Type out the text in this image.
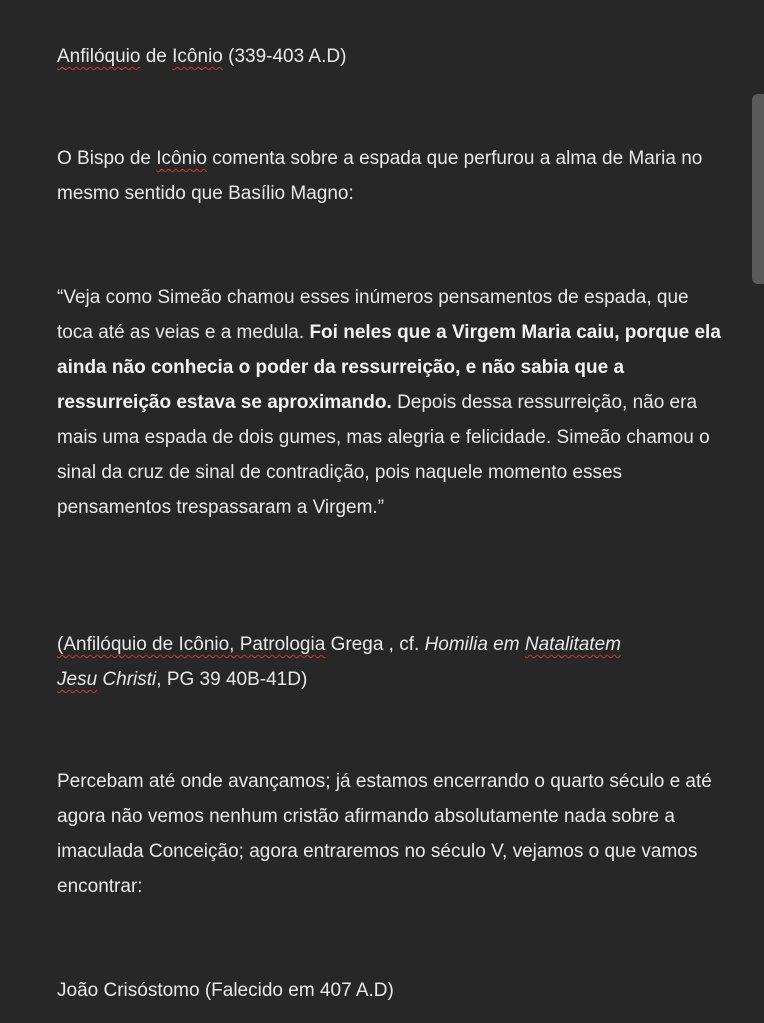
Anfilóquio de Icônio (339-403 A.D)

O Bispo de Icônio comenta sobre a espada que perfurou a alma de Maria no mesmo sentido que Basílio Magno:

“Veja como Simeão chamou esses inúmeros pensamentos de espada, que toca até as veias e a medula. Foi neles que a Virgem Maria caiu, porque ela ainda não conhecia o poder da ressurreição, e não sabia que a ressurreição estava se aproximando. Depois dessa ressurreição, não era mais uma espada de dois gumes, mas alegria e felicidade. Simeão chamou o sinal da cruz de sinal de contradição, pois naquele momento esses pensamentos trespassaram a Virgem.”

(Anfilóquio de Icônio, Patrologia Grega , cf. Homilia em Natalitatem
Jesu Christi, PG 39 40B-41D)

Percebam até onde avançamos; já estamos encerrando o quarto século e até agora não vemos nenhum cristão afirmando absolutamente nada sobre a imaculada Conceição; agora entraremos no século V, vejamos o que vamos encontrar:

João Crisóstomo (Falecido em 407 A.D)
